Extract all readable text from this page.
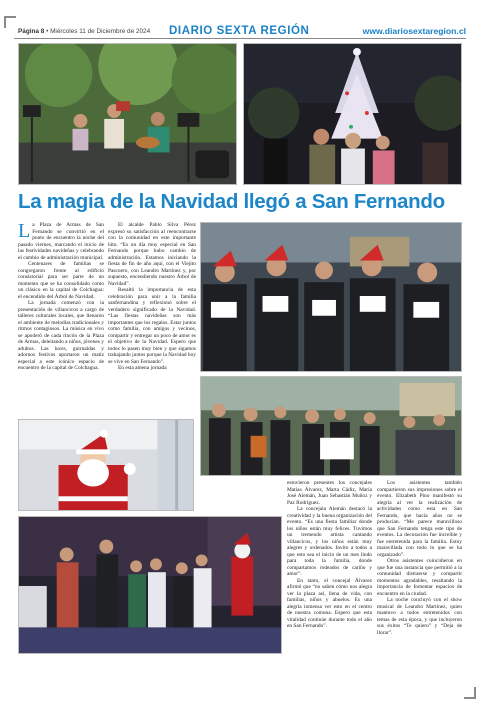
Página 8 • Miércoles 11 de Diciembre de 2024 DIARIO SEXTA REGIÓN	www.diariosextaregion.cl
La magia de la Navidad llegó a San Fernando

La Plaza de Armas de San Fernando se convirtió en el punto de encuentro la noche del pasado viernes, marcando el inicio de las festividades navideñas y celebrando el cambio de administración municipal.

Centenares de familias se congregaron frente al edificio consistorial para ser parte de un momento que se ha consolidado como un clásico en la capital de Colchagua: el encendido del Árbol de Navidad.

La jornada comenzó con la presentación de villancicos a cargo de talleres culturales locales, que llenaron el ambiente de melodías tradicionales y ritmos contagiosos. La música en vivo se apoderó de cada rincón de la Plaza de Armas, deleitando a niños, jóvenes y adultos. Las luces, guirnaldas y adornos festivos aportaron un matiz especial a este icónico espacio de encuentro de la capital de Colchagua.

El alcalde Pablo Silva Pérez expresó su satisfacción al reencontrarse con la comunidad en este importante hito. “Es un día muy especial en San Fernando porque hubo cambio de administración. Estamos iniciando la fiesta de fin de año aquí, con el Viejito Pascuero, con Leandro Martínez y, por supuesto, encendiendo nuestro Árbol de Navidad”.

Resaltó la importancia de esta celebración para unir a la familia sanfernandina y reflexionó sobre el verdadero significado de la Navidad. “Las fiestas navideñas son más importantes que los regalos. Estar juntos como familia, con amigos y vecinos, compartir y entregar un poco de amor es el objetivo de la Navidad. Espero que todos lo pasen muy bien y que sigamos trabajando juntos porque la Navidad hoy se vive en San Fernando”.

En esta amena jornada

estuvieron presentes los concejales Matías Álvarez, Marta Cádiz, María José Alemán, Juan Sebastián Muñoz y Paz Rodríguez.

La concejala Alemán destacó la creatividad y la buena organización del evento. “Es una fiesta familiar donde los niños están muy felices. Tuvimos un tremendo artista cantando villancicos, y los niños están muy alegres y ordenados. Invito a todos a que esto sea el inicio de un mes lindo para toda la familia, donde compartamos rodeados de cariño y amor”.

En tanto, el concejal Álvarez afirmó que “no saben cómo nos alegra ver la plaza así, llena de vida, con familias, niños y abuelos. Es una alegría inmensa ver esto en el centro de nuestra comuna. Espero que esta vitalidad continúe durante todo el año en San Fernando”.

Los asistentes también compartieron sus impresiones sobre el evento. Elizabeth Pino manifestó su alegría al ver la realización de actividades como esta en San Fernando, que hacía años no se producían. “Me parece maravilloso que San Fernando tenga este tipo de eventos. La decoración fue increíble y fue entretenida para la familia. Estoy maravillada con todo lo que se ha organizado”.

Otros asistentes coincidieron en que fue una instancia que permitió a la comunidad distraerse y compartir momentos agradables, resaltando la importancia de fomentar espacios de encuentro en la ciudad.

La noche concluyó con el show musical de Leandro Martínez, quien mantuvo a todos entretenidos con temas de esta época, y que incluyeron sus éxitos “Te quiero” y “Deja de llorar”.
